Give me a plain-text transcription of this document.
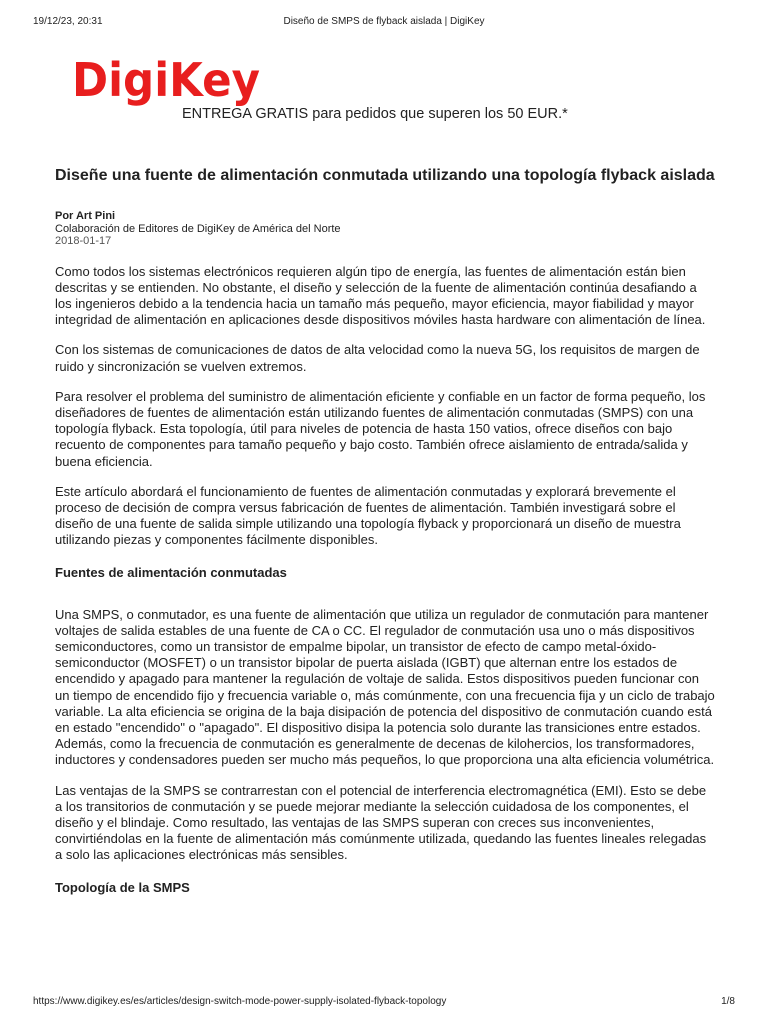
19/12/23, 20:31	Diseño de SMPS de flyback aislada | DigiKey
DigiKey
ENTREGA GRATIS para pedidos que superen los 50 EUR.*
Diseñe una fuente de alimentación conmutada utilizando una topología flyback aislada
Por Art Pini
Colaboración de Editores de DigiKey de América del Norte
2018-01-17

Como todos los sistemas electrónicos requieren algún tipo de energía, las fuentes de alimentación están bien descritas y se entienden. No obstante, el diseño y selección de la fuente de alimentación continúa desafiando a los ingenieros debido a la tendencia hacia un tamaño más pequeño, mayor eficiencia, mayor fiabilidad y mayor integridad de alimentación en aplicaciones desde dispositivos móviles hasta hardware con alimentación de línea.

Con los sistemas de comunicaciones de datos de alta velocidad como la nueva 5G, los requisitos de margen de ruido y sincronización se vuelven extremos.

Para resolver el problema del suministro de alimentación eficiente y confiable en un factor de forma pequeño, los diseñadores de fuentes de alimentación están utilizando fuentes de alimentación conmutadas (SMPS) con una topología flyback. Esta topología, útil para niveles de potencia de hasta 150 vatios, ofrece diseños con bajo recuento de componentes para tamaño pequeño y bajo costo. También ofrece aislamiento de entrada/salida y buena eficiencia.

Este artículo abordará el funcionamiento de fuentes de alimentación conmutadas y explorará brevemente el proceso de decisión de compra versus fabricación de fuentes de alimentación. También investigará sobre el diseño de una fuente de salida simple utilizando una topología flyback y proporcionará un diseño de muestra utilizando piezas y componentes fácilmente disponibles.

Fuentes de alimentación conmutadas

Una SMPS, o conmutador, es una fuente de alimentación que utiliza un regulador de conmutación para mantener voltajes de salida estables de una fuente de CA o CC. El regulador de conmutación usa uno o más dispositivos semiconductores, como un transistor de empalme bipolar, un transistor de efecto de campo metal-óxido-semiconductor (MOSFET) o un transistor bipolar de puerta aislada (IGBT) que alternan entre los estados de encendido y apagado para mantener la regulación de voltaje de salida. Estos dispositivos pueden funcionar con un tiempo de encendido fijo y frecuencia variable o, más comúnmente, con una frecuencia fija y un ciclo de trabajo variable. La alta eficiencia se origina de la baja disipación de potencia del dispositivo de conmutación cuando está en estado "encendido" o "apagado". El dispositivo disipa la potencia solo durante las transiciones entre estados. Además, como la frecuencia de conmutación es generalmente de decenas de kilohercios, los transformadores, inductores y condensadores pueden ser mucho más pequeños, lo que proporciona una alta eficiencia volumétrica.

Las ventajas de la SMPS se contrarrestan con el potencial de interferencia electromagnética (EMI). Esto se debe a los transitorios de conmutación y se puede mejorar mediante la selección cuidadosa de los componentes, el diseño y el blindaje. Como resultado, las ventajas de las SMPS superan con creces sus inconvenientes, convirtiéndolas en la fuente de alimentación más comúnmente utilizada, quedando las fuentes lineales relegadas a solo las aplicaciones electrónicas más sensibles.

Topología de la SMPS
https://www.digikey.es/es/articles/design-switch-mode-power-supply-isolated-flyback-topology	1/8
